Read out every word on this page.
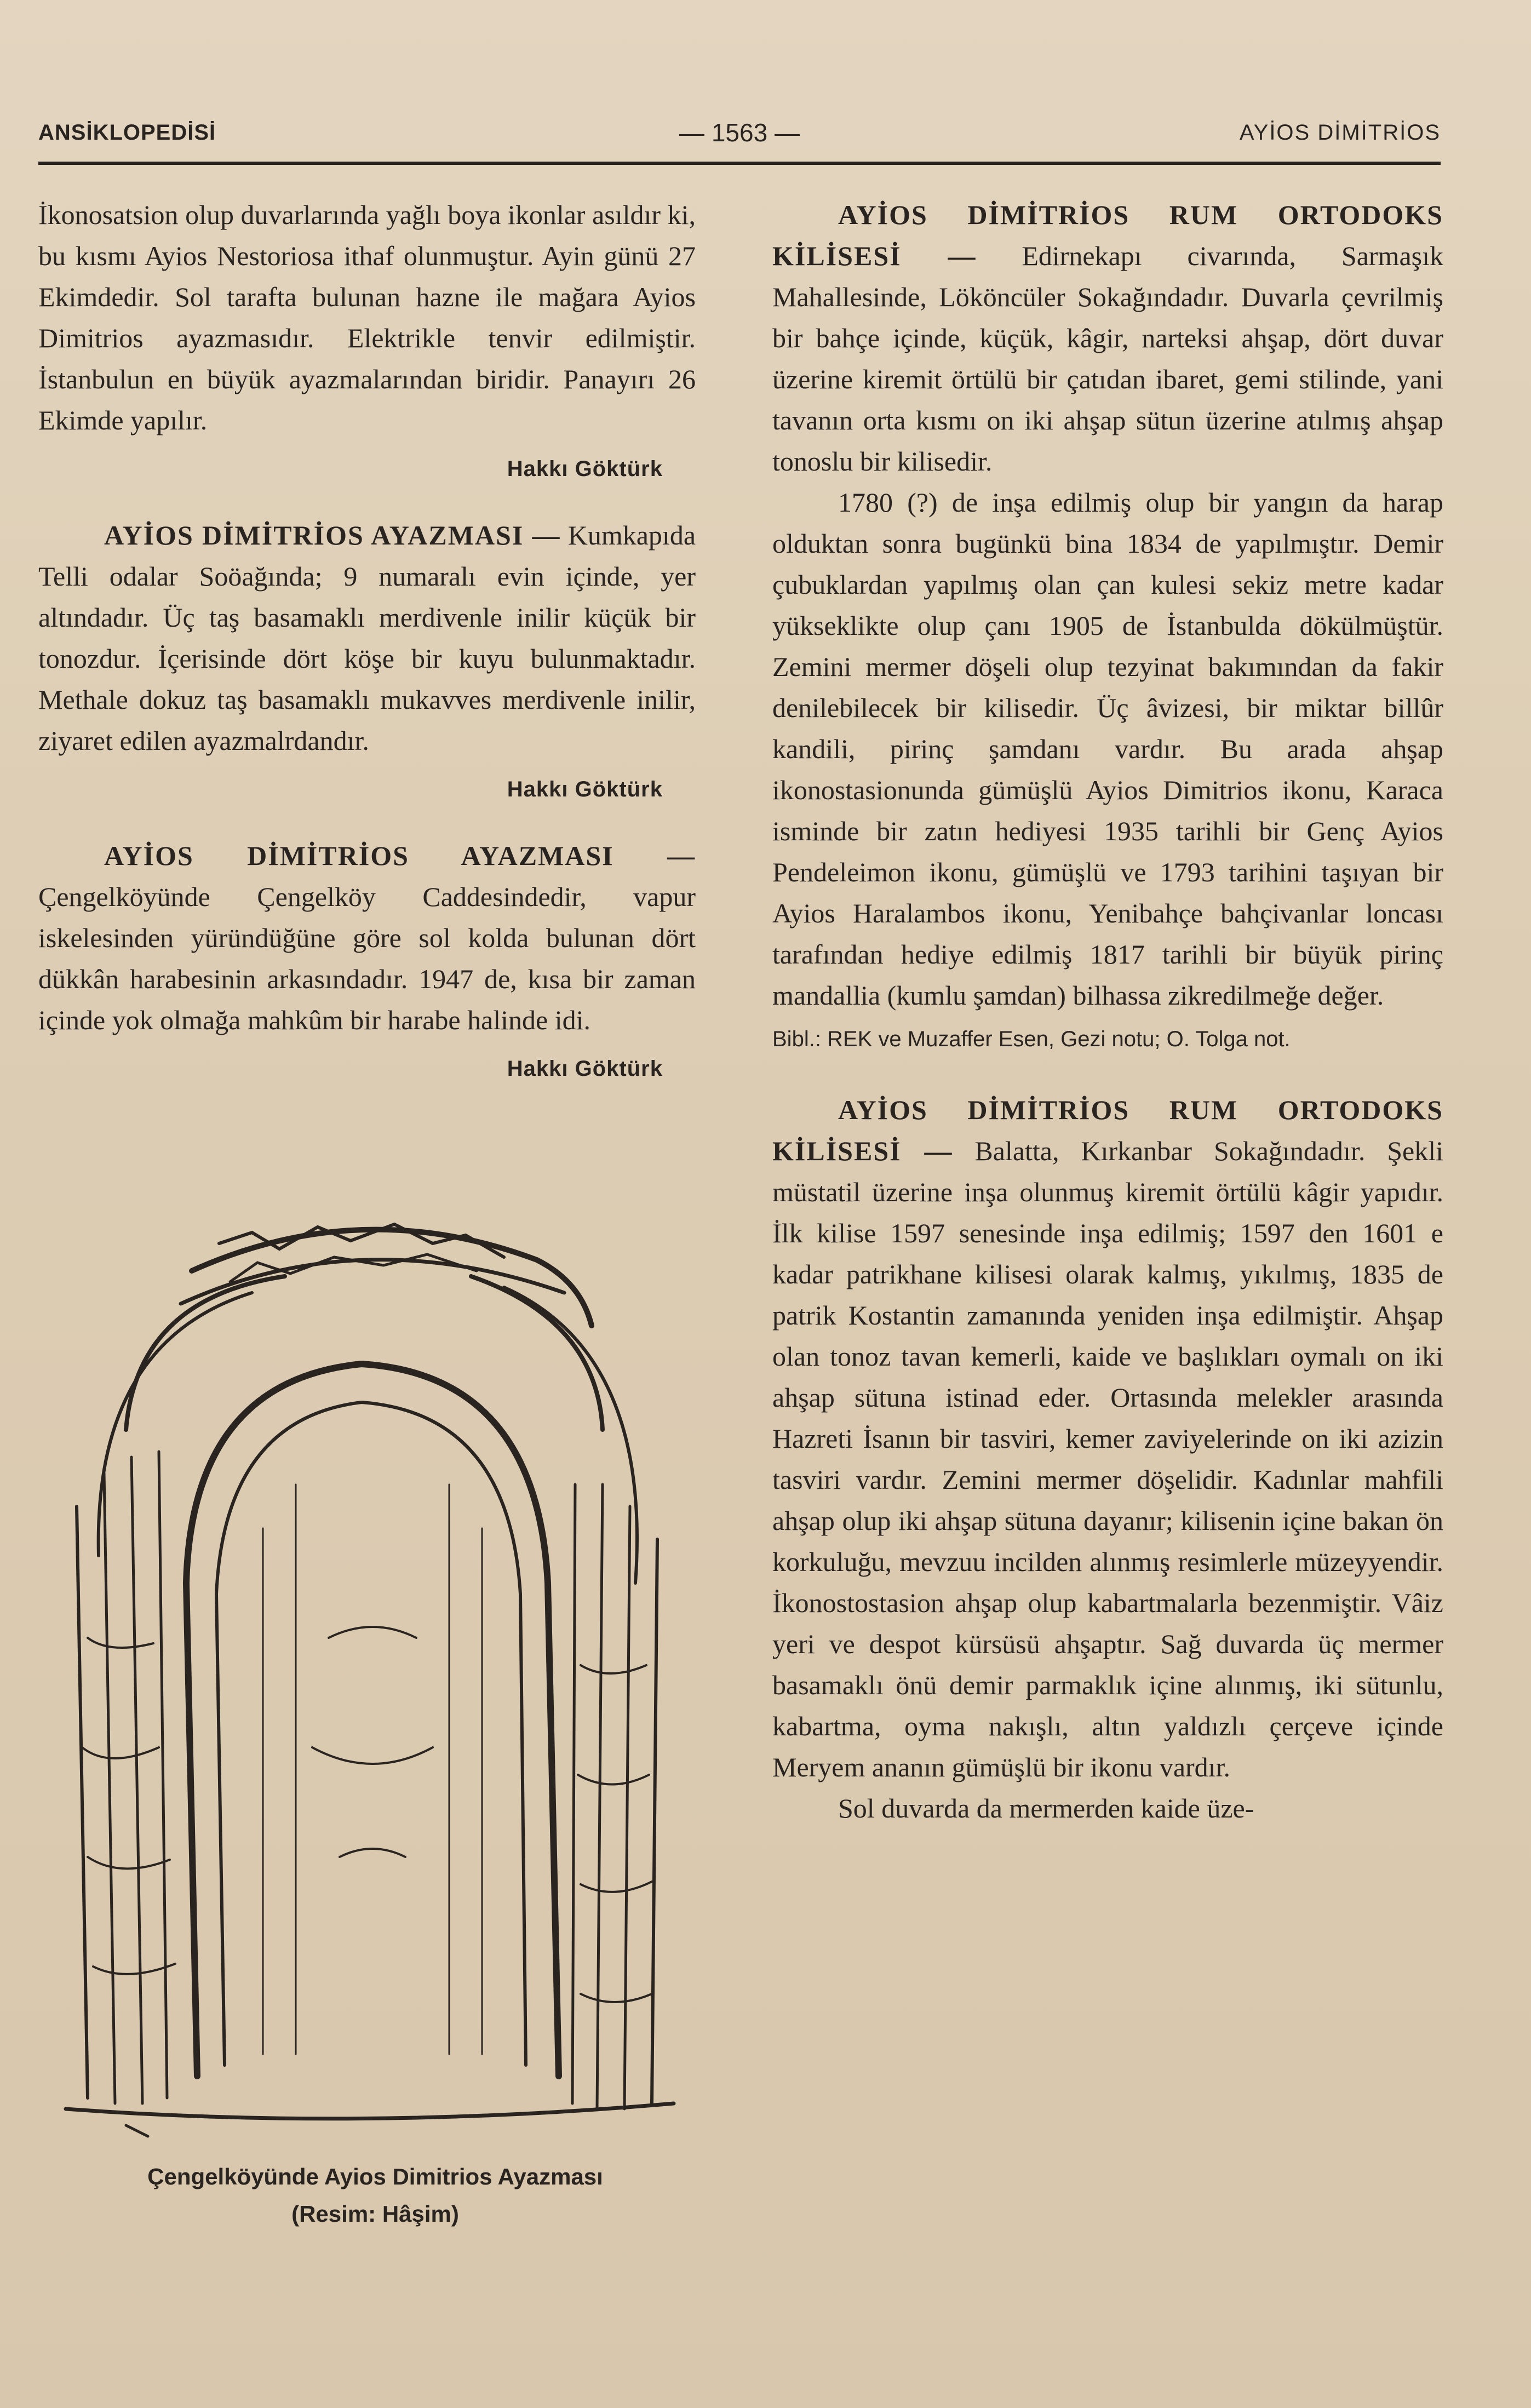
ANSİKLOPEDİSİ	— 1563 —	AYİOS DİMİTRİOS

İkonosatsion olup duvarlarında yağlı boya ikonlar asıldır ki, bu kısmı Ayios Nestoriosa ithaf olunmuştur. Ayin günü 27 Ekimdedir. Sol tarafta bulunan hazne ile mağara Ayios Dimitrios ayazmasıdır. Elektrikle tenvir edilmiştir. İstanbulun en büyük ayazmalarından biridir. Panayırı 26 Ekimde yapılır.

Hakkı Göktürk

AYİOS DİMİTRİOS AYAZMASI — Kumkapıda Telli odalar Soöağında; 9 numaralı evin içinde, yer altındadır. Üç taş basamaklı merdivenle inilir küçük bir tonozdur. İçerisinde dört köşe bir kuyu bulunmaktadır. Methale dokuz taş basamaklı mukavves merdivenle inilir, ziyaret edilen ayazmalrdandır.

Hakkı Göktürk

AYİOS DİMİTRİOS AYAZMASI — Çengelköyünde Çengelköy Caddesindedir, vapur iskelesinden yüründüğüne göre sol kolda bulunan dört dükkân harabesinin arkasındadır. 1947 de, kısa bir zaman içinde yok olmağa mahkûm bir harabe halinde idi.

Hakkı Göktürk
Çengelköyünde Ayios Dimitrios Ayazması
(Resim: Hâşim)

AYİOS DİMİTRİOS RUM ORTODOKS KİLİSESİ — Edirnekapı civarında, Sarmaşık Mahallesinde, Lököncüler Sokağındadır. Duvarla çevrilmiş bir bahçe içinde, küçük, kâgir, narteksi ahşap, dört duvar üzerine kiremit örtülü bir çatıdan ibaret, gemi stilinde, yani tavanın orta kısmı on iki ahşap sütun üzerine atılmış ahşap tonoslu bir kilisedir.

1780 (?) de inşa edilmiş olup bir yangın da harap olduktan sonra bugünkü bina 1834 de yapılmıştır. Demir çubuklardan yapılmış olan çan kulesi sekiz metre kadar yükseklikte olup çanı 1905 de İstanbulda dökülmüştür. Zemini mermer döşeli olup tezyinat bakımından da fakir denilebilecek bir kilisedir. Üç âvizesi, bir miktar billûr kandili, pirinç şamdanı vardır. Bu arada ahşap ikonostasionunda gümüşlü Ayios Dimitrios ikonu, Karaca isminde bir zatın hediyesi 1935 tarihli bir Genç Ayios Pendeleimon ikonu, gümüşlü ve 1793 tarihini taşıyan bir Ayios Haralambos ikonu, Yenibahçe bahçivanlar loncası tarafından hediye edilmiş 1817 tarihli bir büyük pirinç mandallia (kumlu şamdan) bilhassa zikredilmeğe değer.

Bibl.: REK ve Muzaffer Esen, Gezi notu; O. Tolga not.

AYİOS DİMİTRİOS RUM ORTODOKS KİLİSESİ — Balatta, Kırkanbar Sokağındadır. Şekli müstatil üzerine inşa olunmuş kiremit örtülü kâgir yapıdır. İlk kilise 1597 senesinde inşa edilmiş; 1597 den 1601 e kadar patrikhane kilisesi olarak kalmış, yıkılmış, 1835 de patrik Kostantin zamanında yeniden inşa edilmiştir. Ahşap olan tonoz tavan kemerli, kaide ve başlıkları oymalı on iki ahşap sütuna istinad eder. Ortasında melekler arasında Hazreti İsanın bir tasviri, kemer zaviyelerinde on iki azizin tasviri vardır. Zemini mermer döşelidir. Kadınlar mahfili ahşap olup iki ahşap sütuna dayanır; kilisenin içine bakan ön korkuluğu, mevzuu incilden alınmış resimlerle müzeyyendir. İkonostostasion ahşap olup kabartmalarla bezenmiştir. Vâiz yeri ve despot kürsüsü ahşaptır. Sağ duvarda üç mermer basamaklı önü demir parmaklık içine alınmış, iki sütunlu, kabartma, oyma nakışlı, altın yaldızlı çerçeve içinde Meryem ananın gümüşlü bir ikonu vardır.

Sol duvarda da mermerden kaide üze-
